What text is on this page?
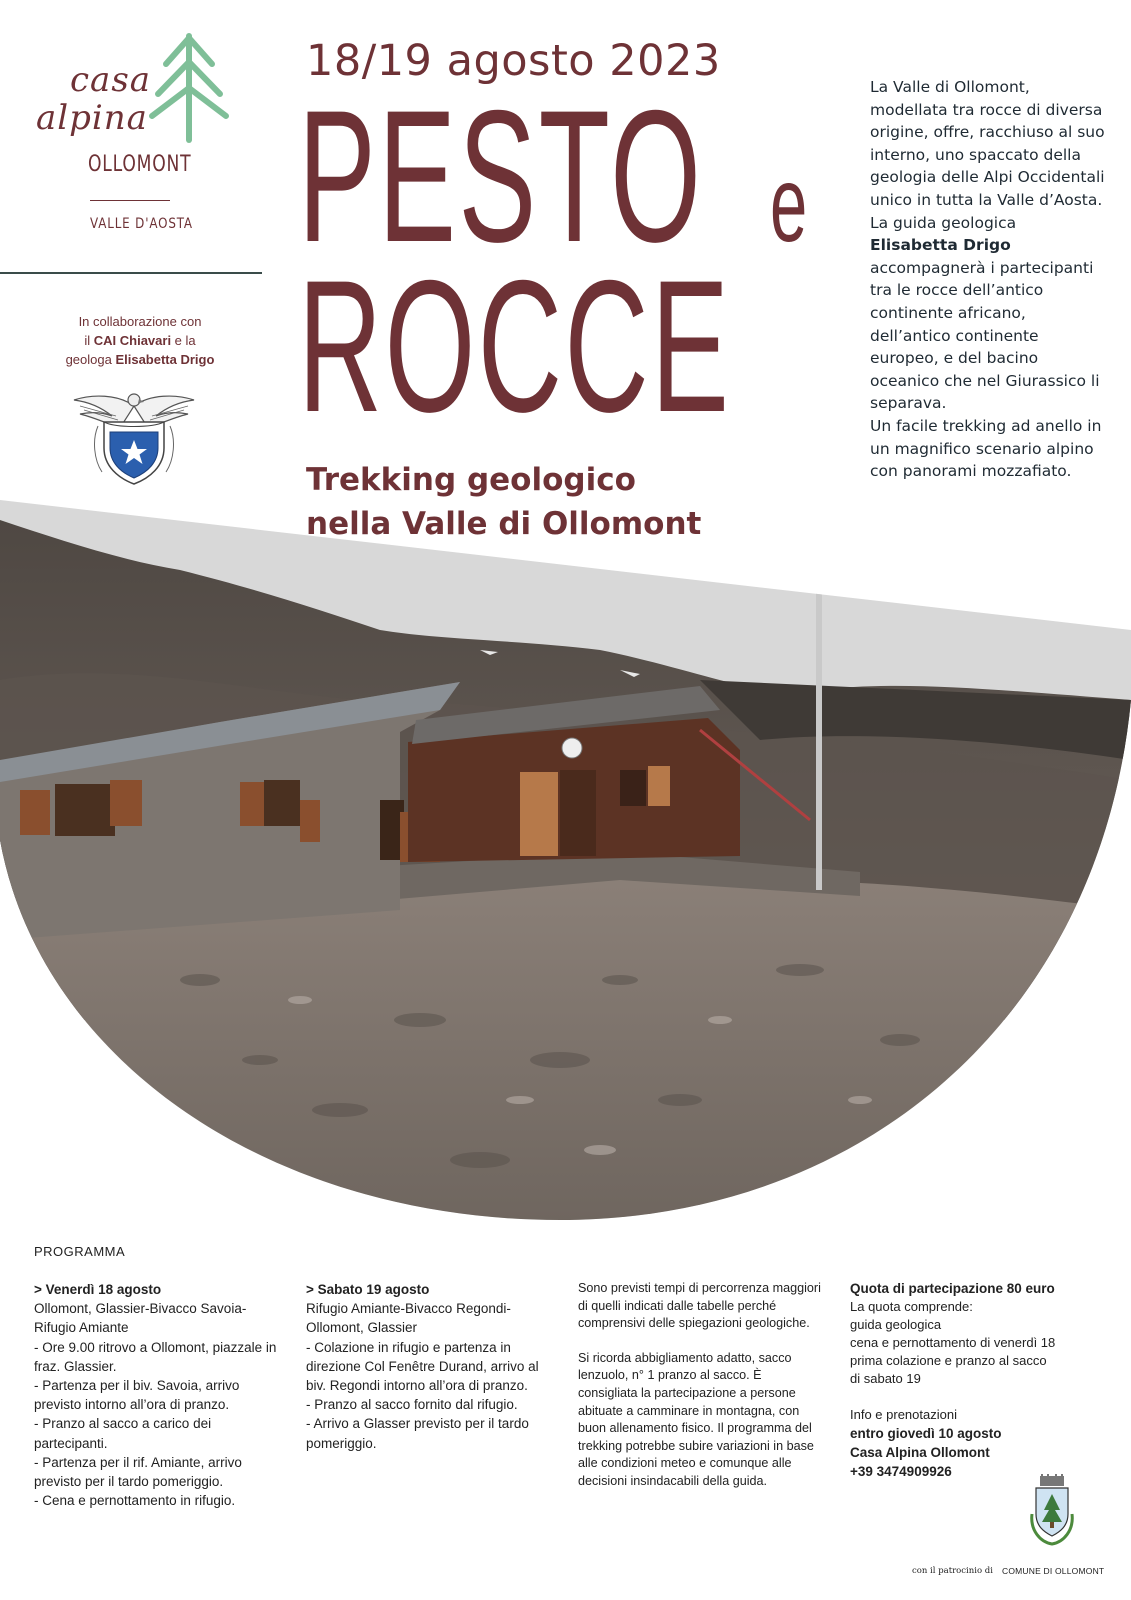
casa
alpina
OLLOMONT
VALLE D'AOSTA
In collaborazione con
il CAI Chiavari e la
geologa Elisabetta Drigo
18/19 agosto 2023
PESTO e
ROCCE
Trekking geologico
nella Valle di Ollomont
La Valle di Ollomont, modellata tra rocce di diversa origine, offre, racchiuso al suo interno, uno spaccato della geologia delle Alpi Occidentali unico in tutta la Valle d’Aosta.
La guida geologica
Elisabetta Drigo
accompagnerà i partecipanti tra le rocce dell’antico continente africano, dell’antico continente europeo, e del bacino oceanico che nel Giurassico li separava.
Un facile trekking ad anello in un magnifico scenario alpino con panorami mozzafiato.
PROGRAMMA

> Venerdì 18 agosto

Ollomont, Glassier-Bivacco Savoia-Rifugio Amiante

- Ore 9.00 ritrovo a Ollomont, piazzale in fraz. Glassier.

- Partenza per il biv. Savoia, arrivo previsto intorno all’ora di pranzo.

- Pranzo al sacco a carico dei partecipanti.

- Partenza per il rif. Amiante, arrivo previsto per il tardo pomeriggio.

- Cena e pernottamento in rifugio.

> Sabato 19 agosto

Rifugio Amiante-Bivacco Regondi-Ollomont, Glassier

- Colazione in rifugio e partenza in direzione Col Fenêtre Durand, arrivo al biv. Regondi intorno all’ora di pranzo.

- Pranzo al sacco fornito dal rifugio.

- Arrivo a Glasser previsto per il tardo pomeriggio.

Sono previsti tempi di percorrenza maggiori di quelli indicati dalle tabelle perché comprensivi delle spiegazioni geologiche.

Si ricorda abbigliamento adatto, sacco lenzuolo, n° 1 pranzo al sacco. È consigliata la partecipazione a persone abituate a camminare in montagna, con buon allenamento fisico. Il programma del trekking potrebbe subire variazioni in base alle condizioni meteo e comunque alle decisioni insindacabili della guida.

Quota di partecipazione 80 euro

La quota comprende:

guida geologica

cena e pernottamento di venerdì 18

prima colazione e pranzo al sacco

di sabato 19

Info e prenotazioni

entro giovedì 10 agosto

Casa Alpina Ollomont

+39 3474909926

con il patrocinio di COMUNE DI OLLOMONT
